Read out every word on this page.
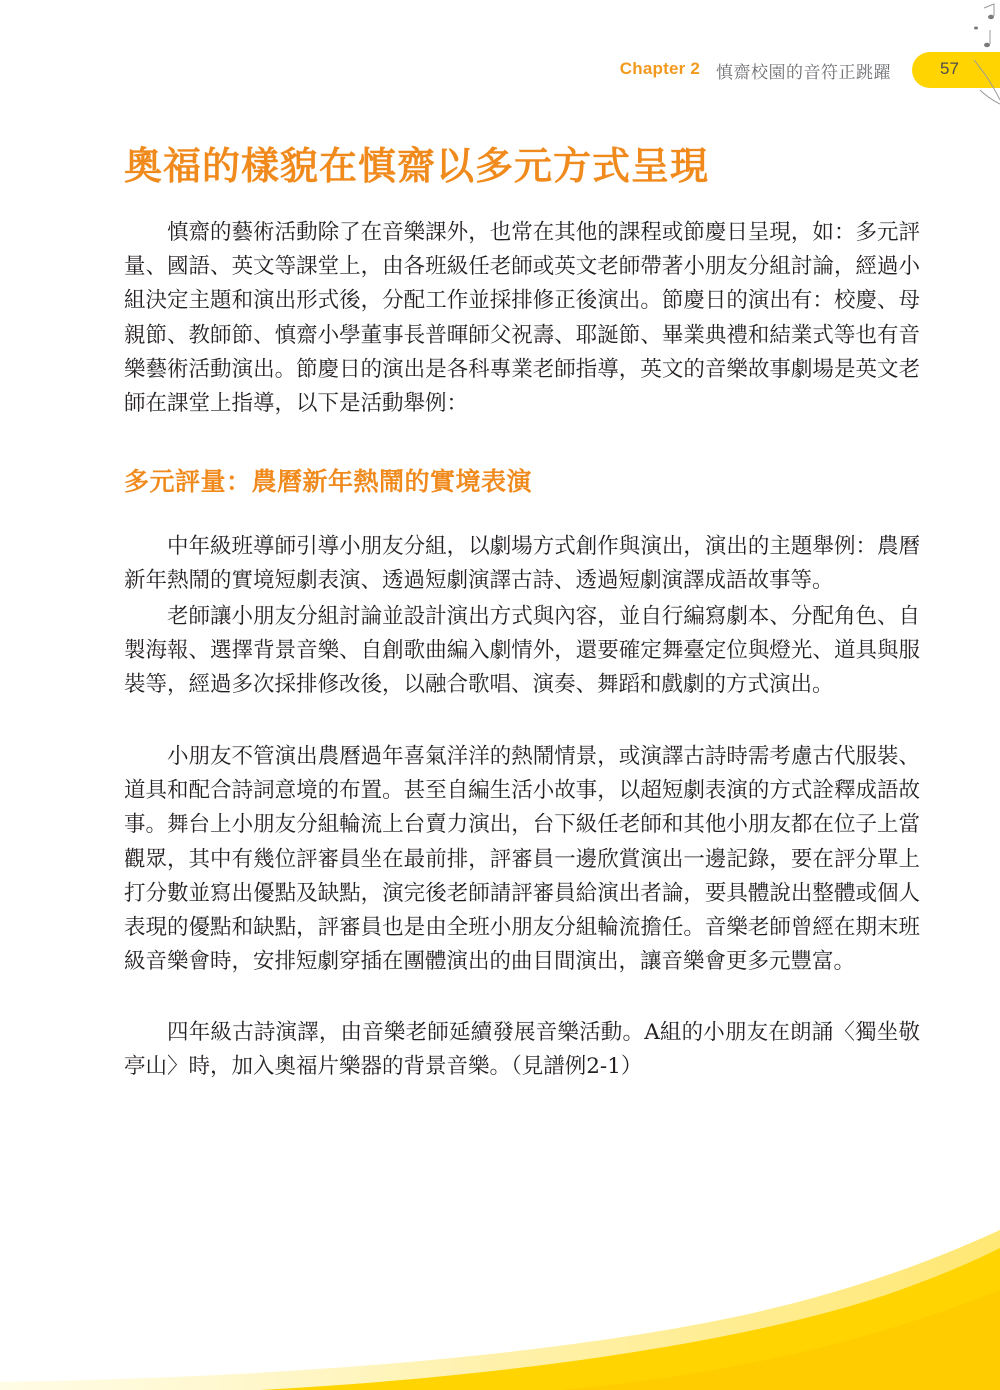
Chapter 2 慎齋校園的音符正跳躍	57
奧福的樣貌在慎齋以多元方式呈現

慎齋的藝術活動除了在音樂課外，也常在其他的課程或節慶日呈現，如：多元評量、國語、英文等課堂上，由各班級任老師或英文老師帶著小朋友分組討論，經過小組決定主題和演出形式後，分配工作並採排修正後演出。節慶日的演出有：校慶、母親節、教師節、慎齋小學董事長普暉師父祝壽、耶誕節、畢業典禮和結業式等也有音樂藝術活動演出。節慶日的演出是各科專業老師指導，英文的音樂故事劇場是英文老師在課堂上指導，以下是活動舉例：

多元評量：農曆新年熱鬧的實境表演

中年級班導師引導小朋友分組，以劇場方式創作與演出，演出的主題舉例：農曆新年熱鬧的實境短劇表演、透過短劇演譯古詩、透過短劇演譯成語故事等。

老師讓小朋友分組討論並設計演出方式與內容，並自行編寫劇本、分配角色、自製海報、選擇背景音樂、自創歌曲編入劇情外，還要確定舞臺定位與燈光、道具與服裝等，經過多次採排修改後，以融合歌唱、演奏、舞蹈和戲劇的方式演出。

小朋友不管演出農曆過年喜氣洋洋的熱鬧情景，或演譯古詩時需考慮古代服裝、道具和配合詩詞意境的布置。甚至自編生活小故事，以超短劇表演的方式詮釋成語故事。舞台上小朋友分組輪流上台賣力演出，台下級任老師和其他小朋友都在位子上當觀眾，其中有幾位評審員坐在最前排，評審員一邊欣賞演出一邊記錄，要在評分單上打分數並寫出優點及缺點，演完後老師請評審員給演出者論，要具體說出整體或個人表現的優點和缺點，評審員也是由全班小朋友分組輪流擔任。音樂老師曾經在期末班級音樂會時，安排短劇穿插在團體演出的曲目間演出，讓音樂會更多元豐富。

四年級古詩演譯，由音樂老師延續發展音樂活動。A組的小朋友在朗誦〈獨坐敬亭山〉時，加入奧福片樂器的背景音樂。（見譜例2-1）
